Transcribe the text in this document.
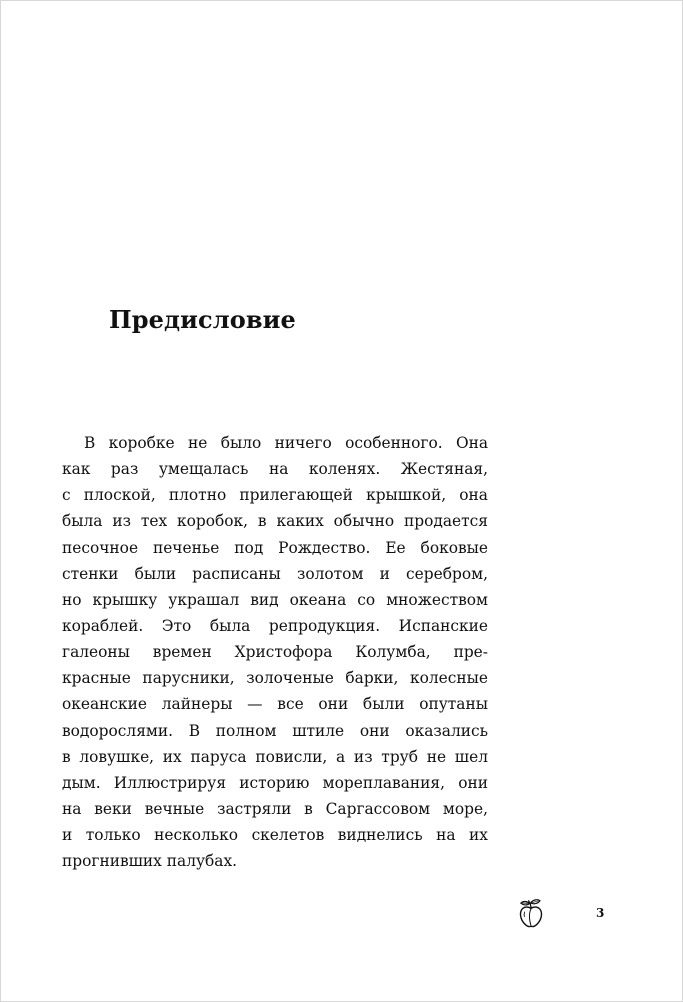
Предисловие
В коробке не было ничего особенного. Она
как раз умещалась на коленях. Жестяная,
с плоской, плотно прилегающей крышкой, она
была из тех коробок, в каких обычно продается
песочное печенье под Рождество. Ее боковые
стенки были расписаны золотом и серебром,
но крышку украшал вид океана со множеством
кораблей. Это была репродукция. Испанские
галеоны времен Христофора Колумба, пре-
красные парусники, золоченые барки, колесные
океанские лайнеры — все они были опутаны
водорослями. В полном штиле они оказались
в ловушке, их паруса повисли, а из труб не шел
дым. Иллюстрируя историю мореплавания, они
на веки вечные застряли в Саргассовом море,
и только несколько скелетов виднелись на их
прогнивших палубах.
3
